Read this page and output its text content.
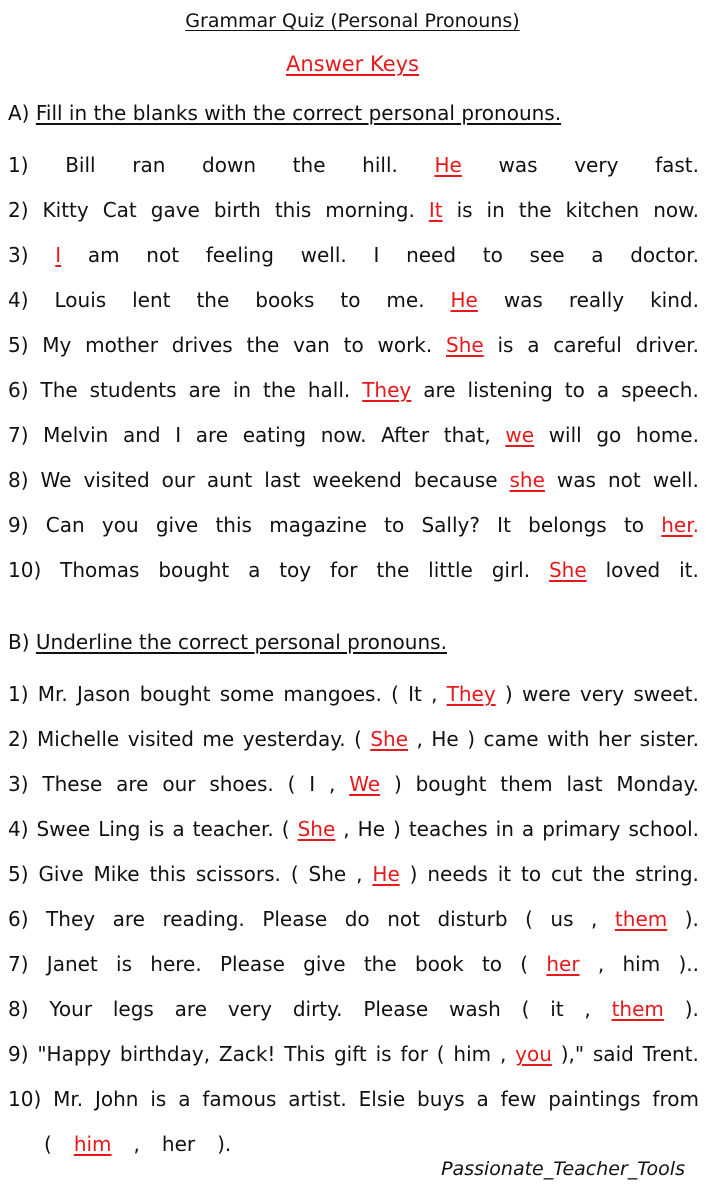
Grammar Quiz (Personal Pronouns)
Answer Keys
A) Fill in the blanks with the correct personal pronouns.
1) Bill ran down the hill. He was very fast.
2) Kitty Cat gave birth this morning. It is in the kitchen now.
3) I am not feeling well. I need to see a doctor.
4) Louis lent the books to me. He was really kind.
5) My mother drives the van to work. She is a careful driver.
6) The students are in the hall. They are listening to a speech.
7) Melvin and I are eating now. After that, we will go home.
8) We visited our aunt last weekend because she was not well.
9) Can you give this magazine to Sally? It belongs to her.
10) Thomas bought a toy for the little girl. She loved it.
B) Underline the correct personal pronouns.
1) Mr. Jason bought some mangoes. ( It , They ) were very sweet.
2) Michelle visited me yesterday. ( She , He ) came with her sister.
3) These are our shoes. ( I , We ) bought them last Monday.
4) Swee Ling is a teacher. ( She , He ) teaches in a primary school.
5) Give Mike this scissors. ( She , He ) needs it to cut the string.
6) They are reading. Please do not disturb ( us , them ).
7) Janet is here. Please give the book to ( her , him )..
8) Your legs are very dirty. Please wash ( it , them ).
9) "Happy birthday, Zack! This gift is for ( him , you )," said Trent.
10) Mr. John is a famous artist. Elsie buys a few paintings from
( him , her ).
Passionate_Teacher_Tools
